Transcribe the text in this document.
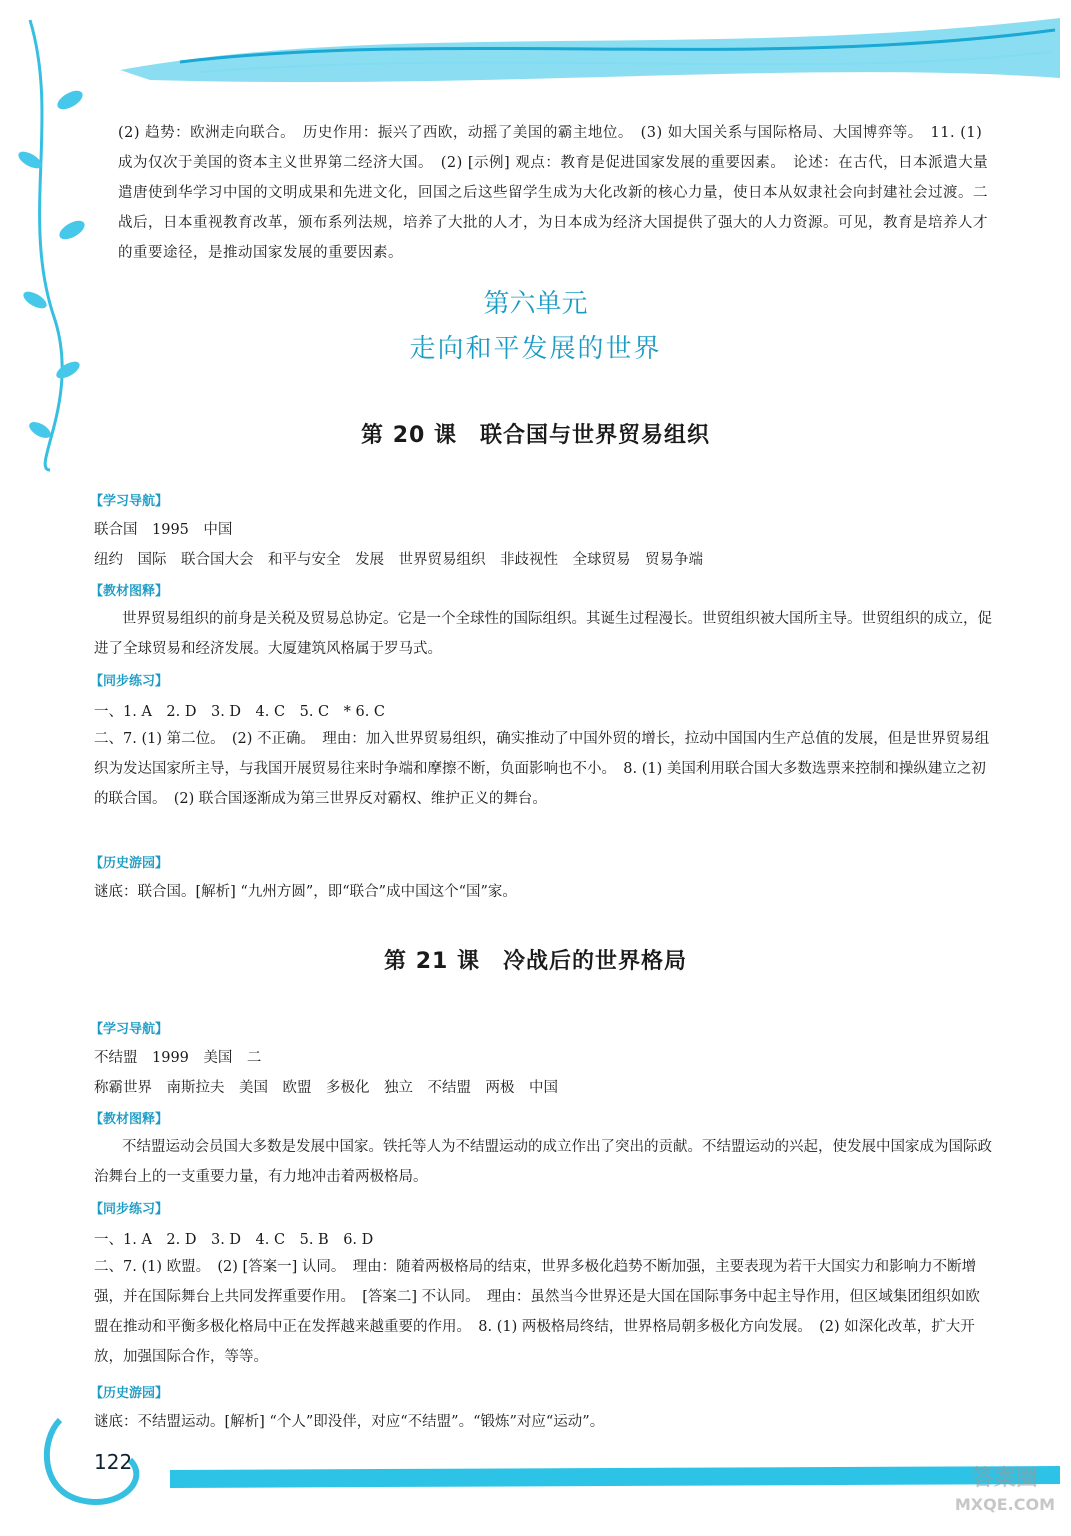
(2) 趋势：欧洲走向联合。　历史作用：振兴了西欧，动摇了美国的霸主地位。　(3) 如大国关系与国际格局、大国博弈等。　11. (1) 成为仅次于美国的资本主义世界第二经济大国。　(2) [示例] 观点：教育是促进国家发展的重要因素。　论述：在古代，日本派遣大量遣唐使到华学习中国的文明成果和先进文化，回国之后这些留学生成为大化改新的核心力量，使日本从奴隶社会向封建社会过渡。二战后，日本重视教育改革，颁布系列法规，培养了大批的人才，为日本成为经济大国提供了强大的人力资源。可见，教育是培养人才的重要途径，是推动国家发展的重要因素。
第六单元
走向和平发展的世界
第 20 课　联合国与世界贸易组织
【学习导航】
联合国　1995　中国
纽约　国际　联合国大会　和平与安全　发展　世界贸易组织　非歧视性　全球贸易　贸易争端
【教材图释】
世界贸易组织的前身是关税及贸易总协定。它是一个全球性的国际组织。其诞生过程漫长。世贸组织被大国所主导。世贸组织的成立，促进了全球贸易和经济发展。大厦建筑风格属于罗马式。
【同步练习】
一、1. A　2. D　3. D　4. C　5. C　* 6. C
二、7. (1) 第二位。　(2) 不正确。　理由：加入世界贸易组织，确实推动了中国外贸的增长，拉动中国国内生产总值的发展，但是世界贸易组织为发达国家所主导，与我国开展贸易往来时争端和摩擦不断，负面影响也不小。　8. (1) 美国利用联合国大多数选票来控制和操纵建立之初的联合国。　(2) 联合国逐渐成为第三世界反对霸权、维护正义的舞台。
【历史游园】
谜底：联合国。[解析] “九州方圆”，即“联合”成中国这个“国”家。
第 21 课　冷战后的世界格局
【学习导航】
不结盟　1999　美国　二
称霸世界　南斯拉夫　美国　欧盟　多极化　独立　不结盟　两极　中国
【教材图释】
不结盟运动会员国大多数是发展中国家。铁托等人为不结盟运动的成立作出了突出的贡献。不结盟运动的兴起，使发展中国家成为国际政治舞台上的一支重要力量，有力地冲击着两极格局。
【同步练习】
一、1. A　2. D　3. D　4. C　5. B　6. D
二、7. (1) 欧盟。　(2) [答案一] 认同。　理由：随着两极格局的结束，世界多极化趋势不断加强，主要表现为若干大国实力和影响力不断增强，并在国际舞台上共同发挥重要作用。　[答案二] 不认同。　理由：虽然当今世界还是大国在国际事务中起主导作用，但区域集团组织如欧盟在推动和平衡多极化格局中正在发挥越来越重要的作用。　8. (1) 两极格局终结，世界格局朝多极化方向发展。　(2) 如深化改革，扩大开放，加强国际合作，等等。
【历史游园】
谜底：不结盟运动。[解析] “个人”即没伴，对应“不结盟”。“锻炼”对应“运动”。
122
答案圈
MXQE.COM
